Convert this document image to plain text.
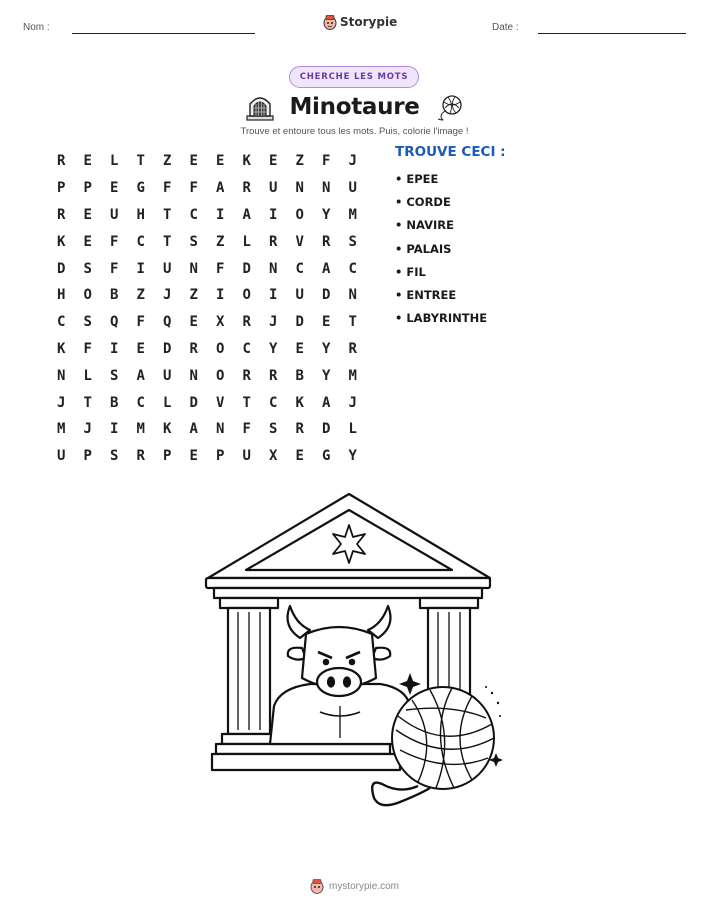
Nom :	Storypie	Date :
CHERCHE LES MOTS
Minotaure
Trouve et entoure tous les mots. Puis, colorie l'image !
R	E	L	T	Z	E	E	K	E	Z	F	J
P	P	E	G	F	F	A	R	U	N	N	U
R	E	U	H	T	C	I	A	I	O	Y	M
K	E	F	C	T	S	Z	L	R	V	R	S
D	S	F	I	U	N	F	D	N	C	A	C
H	O	B	Z	J	Z	I	O	I	U	D	N
C	S	Q	F	Q	E	X	R	J	D	E	T
K	F	I	E	D	R	O	C	Y	E	Y	R
N	L	S	A	U	N	O	R	R	B	Y	M
J	T	B	C	L	D	V	T	C	K	A	J
M	J	I	M	K	A	N	F	S	R	D	L
U	P	S	R	P	E	P	U	X	E	G	Y
TROUVE CECI :
• EPEE
• CORDE
• NAVIRE
• PALAIS
• FIL
• ENTREE
• LABYRINTHE
mystorypie.com
